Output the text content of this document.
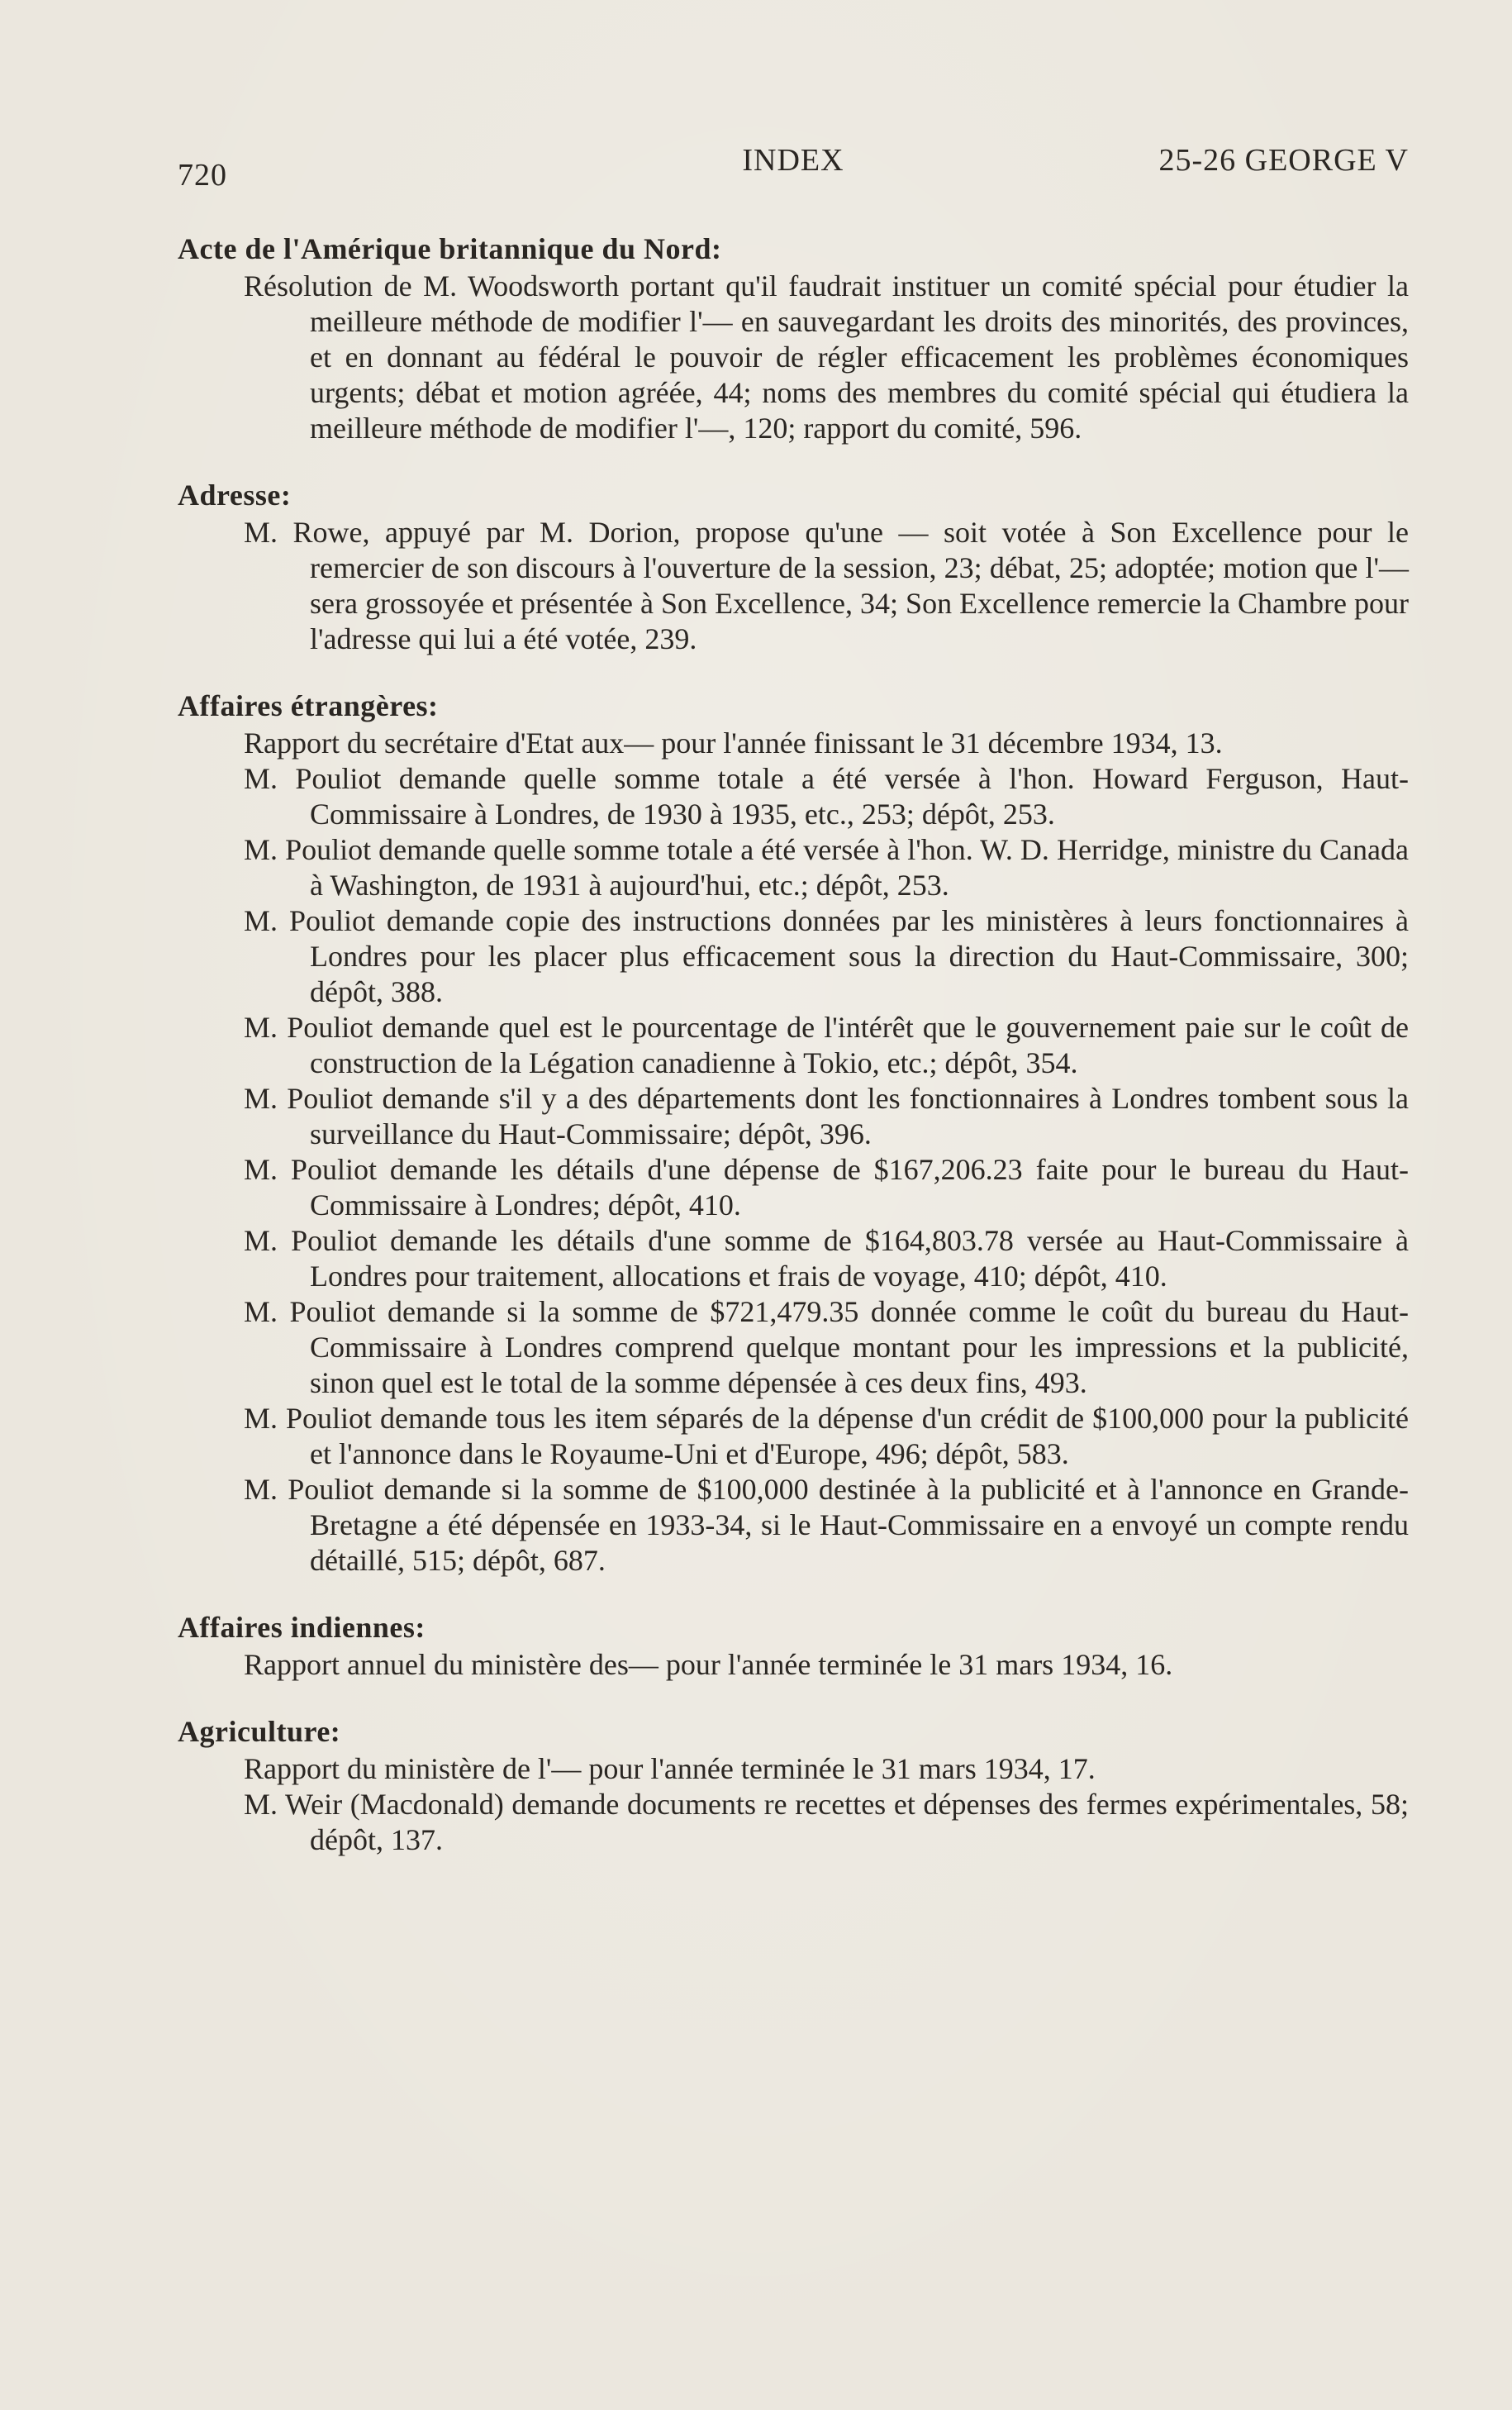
720	INDEX	25-26 GEORGE V
Acte de l'Amérique britannique du Nord:
Résolution de M. Woodsworth portant qu'il faudrait instituer un comité spécial pour étudier la meilleure méthode de modifier l'— en sauvegardant les droits des minorités, des provinces, et en donnant au fédéral le pouvoir de régler efficacement les problèmes économiques urgents; débat et motion agréée, 44; noms des membres du comité spécial qui étudiera la meilleure méthode de modifier l'—, 120; rapport du comité, 596.
Adresse:
M. Rowe, appuyé par M. Dorion, propose qu'une — soit votée à Son Excellence pour le remercier de son discours à l'ouverture de la session, 23; débat, 25; adoptée; motion que l'— sera grossoyée et présentée à Son Excellence, 34; Son Excellence remercie la Chambre pour l'adresse qui lui a été votée, 239.
Affaires étrangères:
Rapport du secrétaire d'Etat aux— pour l'année finissant le 31 décembre 1934, 13.
M. Pouliot demande quelle somme totale a été versée à l'hon. Howard Ferguson, Haut-Commissaire à Londres, de 1930 à 1935, etc., 253; dépôt, 253.
M. Pouliot demande quelle somme totale a été versée à l'hon. W. D. Herridge, ministre du Canada à Washington, de 1931 à aujourd'hui, etc.; dépôt, 253.
M. Pouliot demande copie des instructions données par les ministères à leurs fonctionnaires à Londres pour les placer plus efficacement sous la direction du Haut-Commissaire, 300; dépôt, 388.
M. Pouliot demande quel est le pourcentage de l'intérêt que le gouvernement paie sur le coût de construction de la Légation canadienne à Tokio, etc.; dépôt, 354.
M. Pouliot demande s'il y a des départements dont les fonctionnaires à Londres tombent sous la surveillance du Haut-Commissaire; dépôt, 396.
M. Pouliot demande les détails d'une dépense de $167,206.23 faite pour le bureau du Haut-Commissaire à Londres; dépôt, 410.
M. Pouliot demande les détails d'une somme de $164,803.78 versée au Haut-Commissaire à Londres pour traitement, allocations et frais de voyage, 410; dépôt, 410.
M. Pouliot demande si la somme de $721,479.35 donnée comme le coût du bureau du Haut-Commissaire à Londres comprend quelque montant pour les impressions et la publicité, sinon quel est le total de la somme dépensée à ces deux fins, 493.
M. Pouliot demande tous les item séparés de la dépense d'un crédit de $100,000 pour la publicité et l'annonce dans le Royaume-Uni et d'Europe, 496; dépôt, 583.
M. Pouliot demande si la somme de $100,000 destinée à la publicité et à l'annonce en Grande-Bretagne a été dépensée en 1933-34, si le Haut-Commissaire en a envoyé un compte rendu détaillé, 515; dépôt, 687.
Affaires indiennes:
Rapport annuel du ministère des— pour l'année terminée le 31 mars 1934, 16.
Agriculture:
Rapport du ministère de l'— pour l'année terminée le 31 mars 1934, 17.
M. Weir (Macdonald) demande documents re recettes et dépenses des fermes expérimentales, 58; dépôt, 137.
